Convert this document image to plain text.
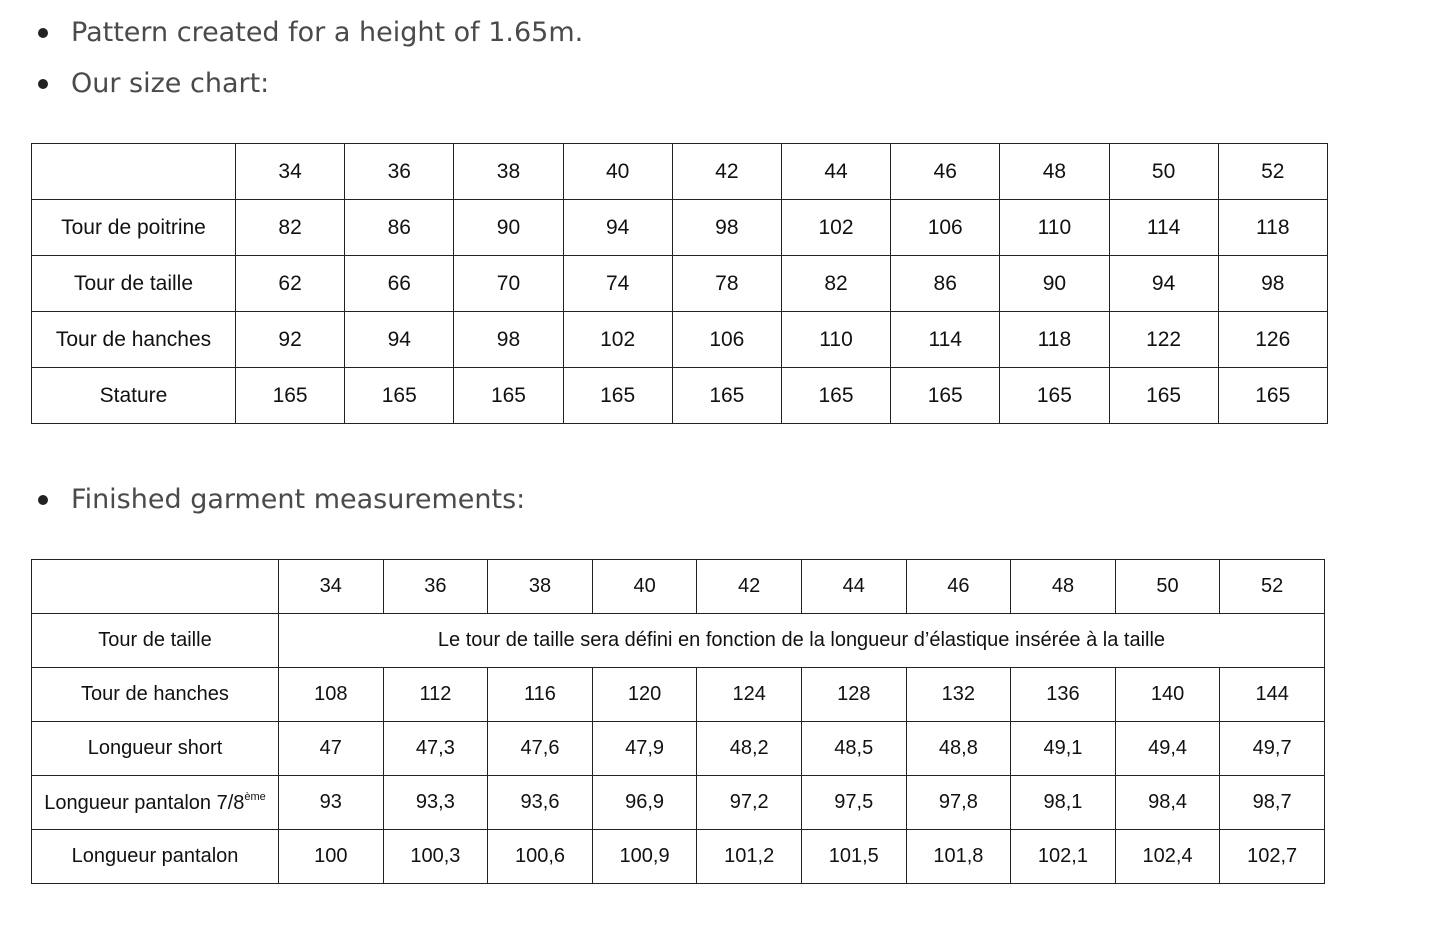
Pattern created for a height of 1.65m.
Our size chart:
	34	36	38	40	42	44	46	48	50	52
Tour de poitrine	82	86	90	94	98	102	106	110	114	118
Tour de taille	62	66	70	74	78	82	86	90	94	98
Tour de hanches	92	94	98	102	106	110	114	118	122	126
Stature	165	165	165	165	165	165	165	165	165	165
Finished garment measurements:
	34	36	38	40	42	44	46	48	50	52
Tour de taille	Le tour de taille sera défini en fonction de la longueur d’élastique insérée à la taille									
Tour de hanches	108	112	116	120	124	128	132	136	140	144
Longueur short	47	47,3	47,6	47,9	48,2	48,5	48,8	49,1	49,4	49,7
Longueur pantalon 7/8ème	93	93,3	93,6	96,9	97,2	97,5	97,8	98,1	98,4	98,7
Longueur pantalon	100	100,3	100,6	100,9	101,2	101,5	101,8	102,1	102,4	102,7
